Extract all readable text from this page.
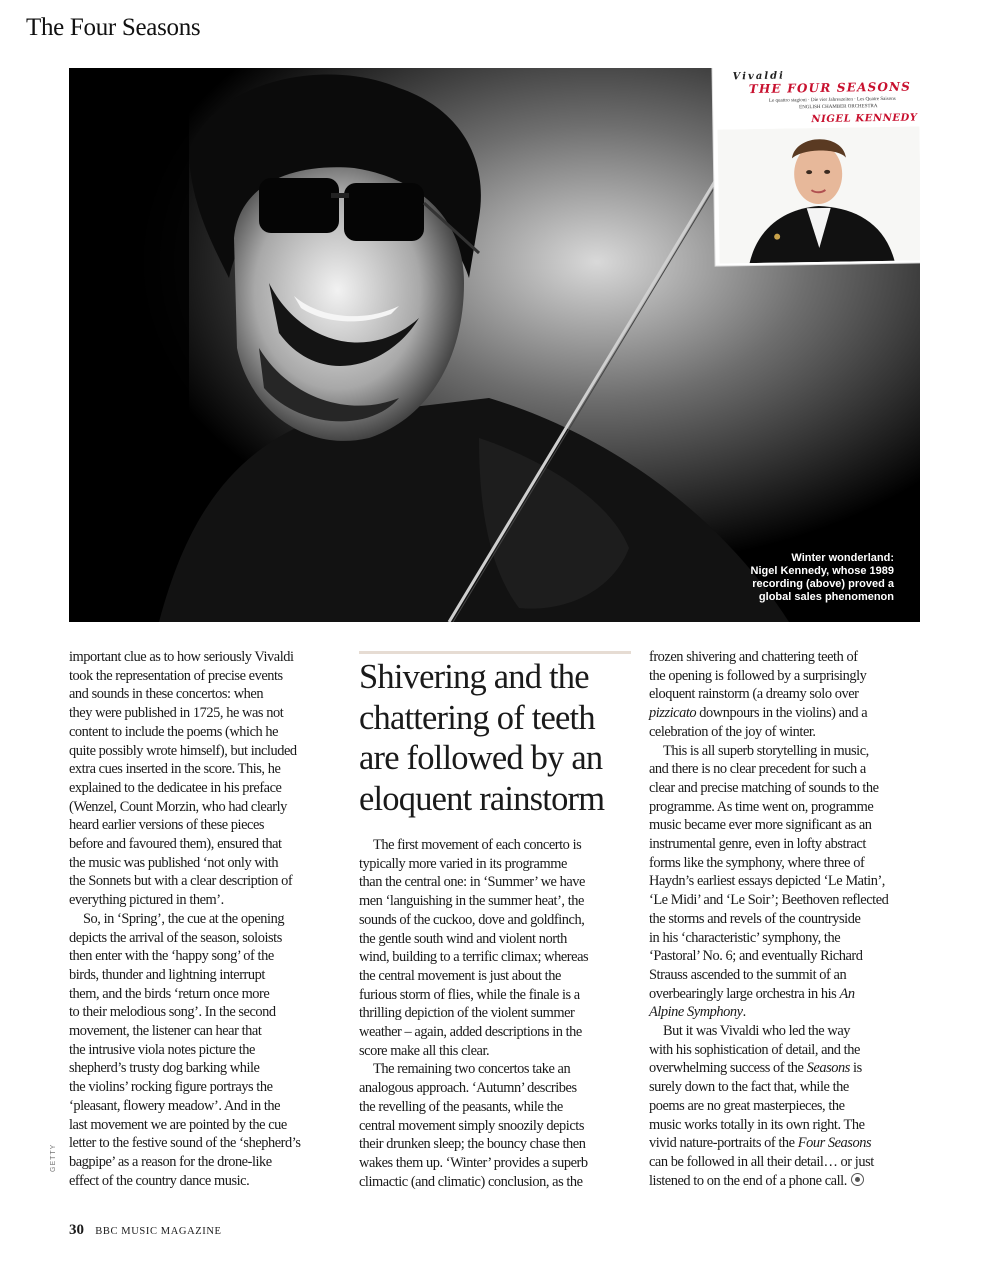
The Four Seasons

Vivaldi

THE FOUR SEASONS

Le quattro stagioni · Die vier Jahreszeiten · Les Quatre Saisons

ENGLISH CHAMBER ORCHESTRA

NIGEL KENNEDY

Winter wonderland:
Nigel Kennedy, whose 1989
recording (above) proved a
global sales phenomenon

important clue as to how seriously Vivaldi

took the representation of precise events

and sounds in these concertos: when

they were published in 1725, he was not

content to include the poems (which he

quite possibly wrote himself), but included

extra cues inserted in the score. This, he

explained to the dedicatee in his preface

(Wenzel, Count Morzin, who had clearly

heard earlier versions of these pieces

before and favoured them), ensured that

the music was published ‘not only with

the Sonnets but with a clear description of

everything pictured in them’.

So, in ‘Spring’, the cue at the opening

depicts the arrival of the season, soloists

then enter with the ‘happy song’ of the

birds, thunder and lightning interrupt

them, and the birds ‘return once more

to their melodious song’. In the second

movement, the listener can hear that

the intrusive viola notes picture the

shepherd’s trusty dog barking while

the violins’ rocking figure portrays the

‘pleasant, flowery meadow’. And in the

last movement we are pointed by the cue

letter to the festive sound of the ‘shepherd’s

bagpipe’ as a reason for the drone-like

effect of the country dance music.

Shivering and the
chattering of teeth
are followed by an
eloquent rainstorm

The first movement of each concerto is

typically more varied in its programme

than the central one: in ‘Summer’ we have

men ‘languishing in the summer heat’, the

sounds of the cuckoo, dove and goldfinch,

the gentle south wind and violent north

wind, building to a terrific climax; whereas

the central movement is just about the

furious storm of flies, while the finale is a

thrilling depiction of the violent summer

weather – again, added descriptions in the

score make all this clear.

The remaining two concertos take an

analogous approach. ‘Autumn’ describes

the revelling of the peasants, while the

central movement simply snoozily depicts

their drunken sleep; the bouncy chase then

wakes them up. ‘Winter’ provides a superb

climactic (and climatic) conclusion, as the

frozen shivering and chattering teeth of

the opening is followed by a surprisingly

eloquent rainstorm (a dreamy solo over

pizzicato downpours in the violins) and a

celebration of the joy of winter.

This is all superb storytelling in music,

and there is no clear precedent for such a

clear and precise matching of sounds to the

programme. As time went on, programme

music became ever more significant as an

instrumental genre, even in lofty abstract

forms like the symphony, where three of

Haydn’s earliest essays depicted ‘Le Matin’,

‘Le Midi’ and ‘Le Soir’; Beethoven reflected

the storms and revels of the countryside

in his ‘characteristic’ symphony, the

‘Pastoral’ No. 6; and eventually Richard

Strauss ascended to the summit of an

overbearingly large orchestra in his An

Alpine Symphony.

But it was Vivaldi who led the way

with his sophistication of detail, and the

overwhelming success of the Seasons is

surely down to the fact that, while the

poems are no great masterpieces, the

music works totally in its own right. The

vivid nature-portraits of the Four Seasons

can be followed in all their detail… or just

listened to on the end of a phone call.

GETTY

30 BBC MUSIC MAGAZINE
